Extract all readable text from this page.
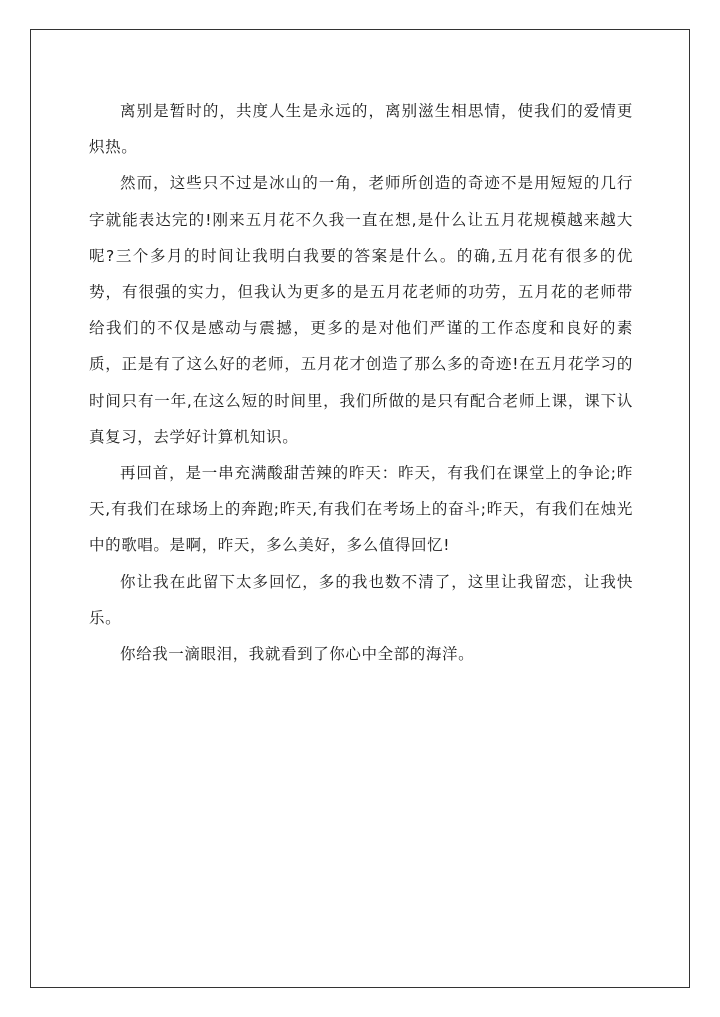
离别是暂时的，共度人生是永远的，离别滋生相思情，使我们的爱情更炽热。

然而，这些只不过是冰山的一角，老师所创造的奇迹不是用短短的几行字就能表达完的!刚来五月花不久我一直在想,是什么让五月花规模越来越大呢?三个多月的时间让我明白我要的答案是什么。的确,五月花有很多的优势，有很强的实力，但我认为更多的是五月花老师的功劳，五月花的老师带给我们的不仅是感动与震撼，更多的是对他们严谨的工作态度和良好的素质，正是有了这么好的老师，五月花才创造了那么多的奇迹!在五月花学习的时间只有一年,在这么短的时间里，我们所做的是只有配合老师上课，课下认真复习，去学好计算机知识。

再回首，是一串充满酸甜苦辣的昨天：昨天，有我们在课堂上的争论;昨天,有我们在球场上的奔跑;昨天,有我们在考场上的奋斗;昨天，有我们在烛光中的歌唱。是啊，昨天，多么美好，多么值得回忆!

你让我在此留下太多回忆，多的我也数不清了，这里让我留恋，让我快乐。

你给我一滴眼泪，我就看到了你心中全部的海洋。
